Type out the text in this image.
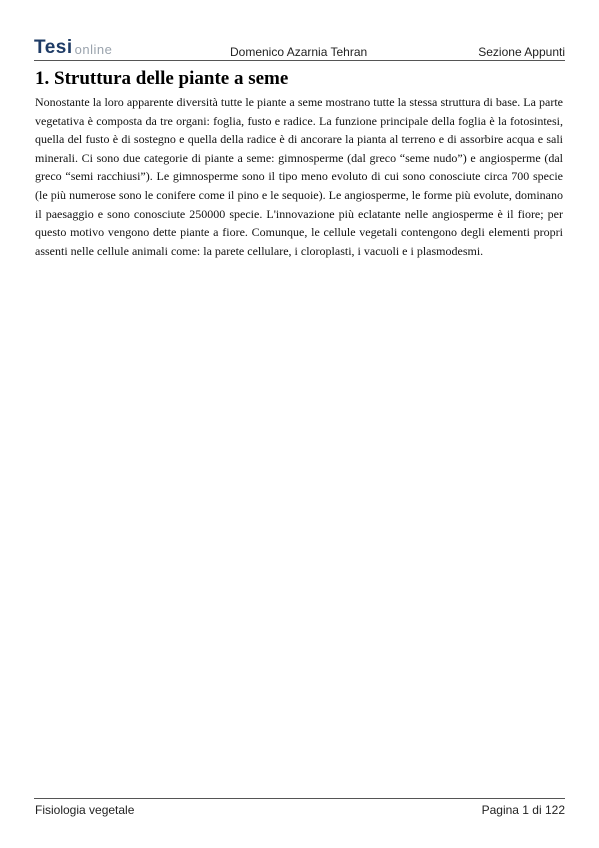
Tesi online	Domenico Azarnia Tehran	Sezione Appunti
1. Struttura delle piante a seme

Nonostante la loro apparente diversità tutte le piante a seme mostrano tutte la stessa struttura di base. La parte vegetativa è composta da tre organi: foglia, fusto e radice. La funzione principale della foglia è la fotosintesi, quella del fusto è di sostegno e quella della radice è di ancorare la pianta al terreno e di assorbire acqua e sali minerali. Ci sono due categorie di piante a seme: gimnosperme (dal greco “seme nudo”) e angiosperme (dal greco “semi racchiusi”). Le gimnosperme sono il tipo meno evoluto di cui sono conosciute circa 700 specie (le più numerose sono le conifere come il pino e le sequoie). Le angiosperme, le forme più evolute, dominano il paesaggio e sono conosciute 250000 specie. L'innovazione più eclatante nelle angiosperme è il fiore; per questo motivo vengono dette piante a fiore. Comunque, le cellule vegetali contengono degli elementi propri assenti nelle cellule animali come: la parete cellulare, i cloroplasti, i vacuoli e i plasmodesmi.

Fisiologia vegetale	Pagina 1 di 122
